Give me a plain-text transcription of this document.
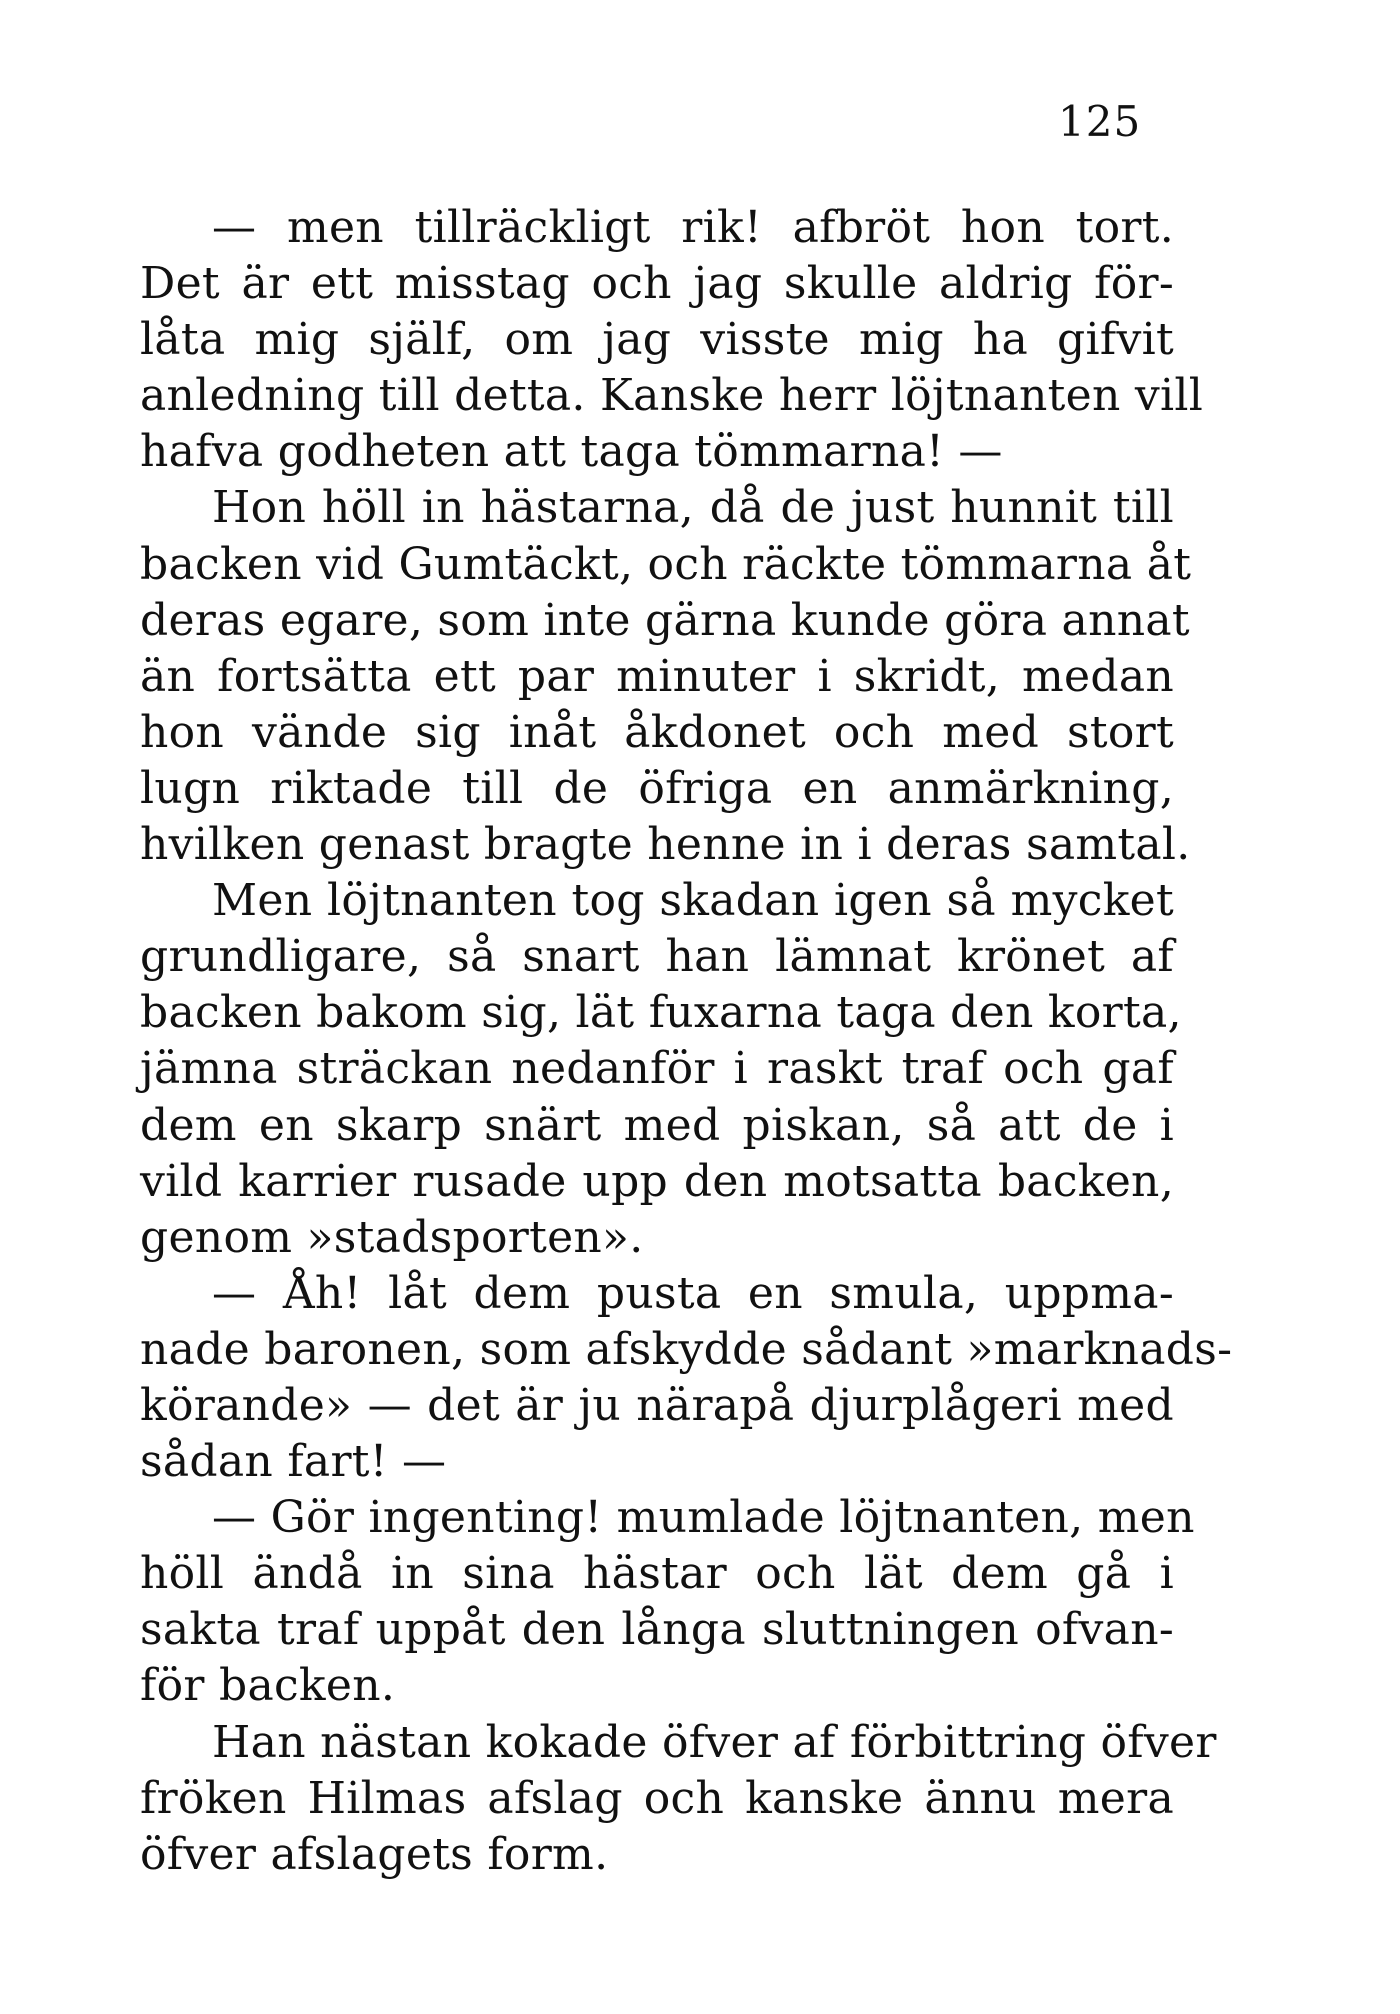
125
— men tillräckligt rik! afbröt hon tort.
Det är ett misstag och jag skulle aldrig för-
låta mig själf, om jag visste mig ha gifvit
anledning till detta. Kanske herr löjtnanten vill
hafva godheten att taga tömmarna! —
Hon höll in hästarna, då de just hunnit till
backen vid Gumtäckt, och räckte tömmarna åt
deras egare, som inte gärna kunde göra annat
än fortsätta ett par minuter i skridt, medan
hon vände sig inåt åkdonet och med stort
lugn riktade till de öfriga en anmärkning,
hvilken genast bragte henne in i deras samtal.
Men löjtnanten tog skadan igen så mycket
grundligare, så snart han lämnat krönet af
backen bakom sig, lät fuxarna taga den korta,
jämna sträckan nedanför i raskt traf och gaf
dem en skarp snärt med piskan, så att de i
vild karrier rusade upp den motsatta backen,
genom »stadsporten».
— Åh! låt dem pusta en smula, uppma-
nade baronen, som afskydde sådant »marknads-
körande» — det är ju närapå djurplågeri med
sådan fart! —
— Gör ingenting! mumlade löjtnanten, men
höll ändå in sina hästar och lät dem gå i
sakta traf uppåt den långa sluttningen ofvan-
för backen.
Han nästan kokade öfver af förbittring öfver
fröken Hilmas afslag och kanske ännu mera
öfver afslagets form.
